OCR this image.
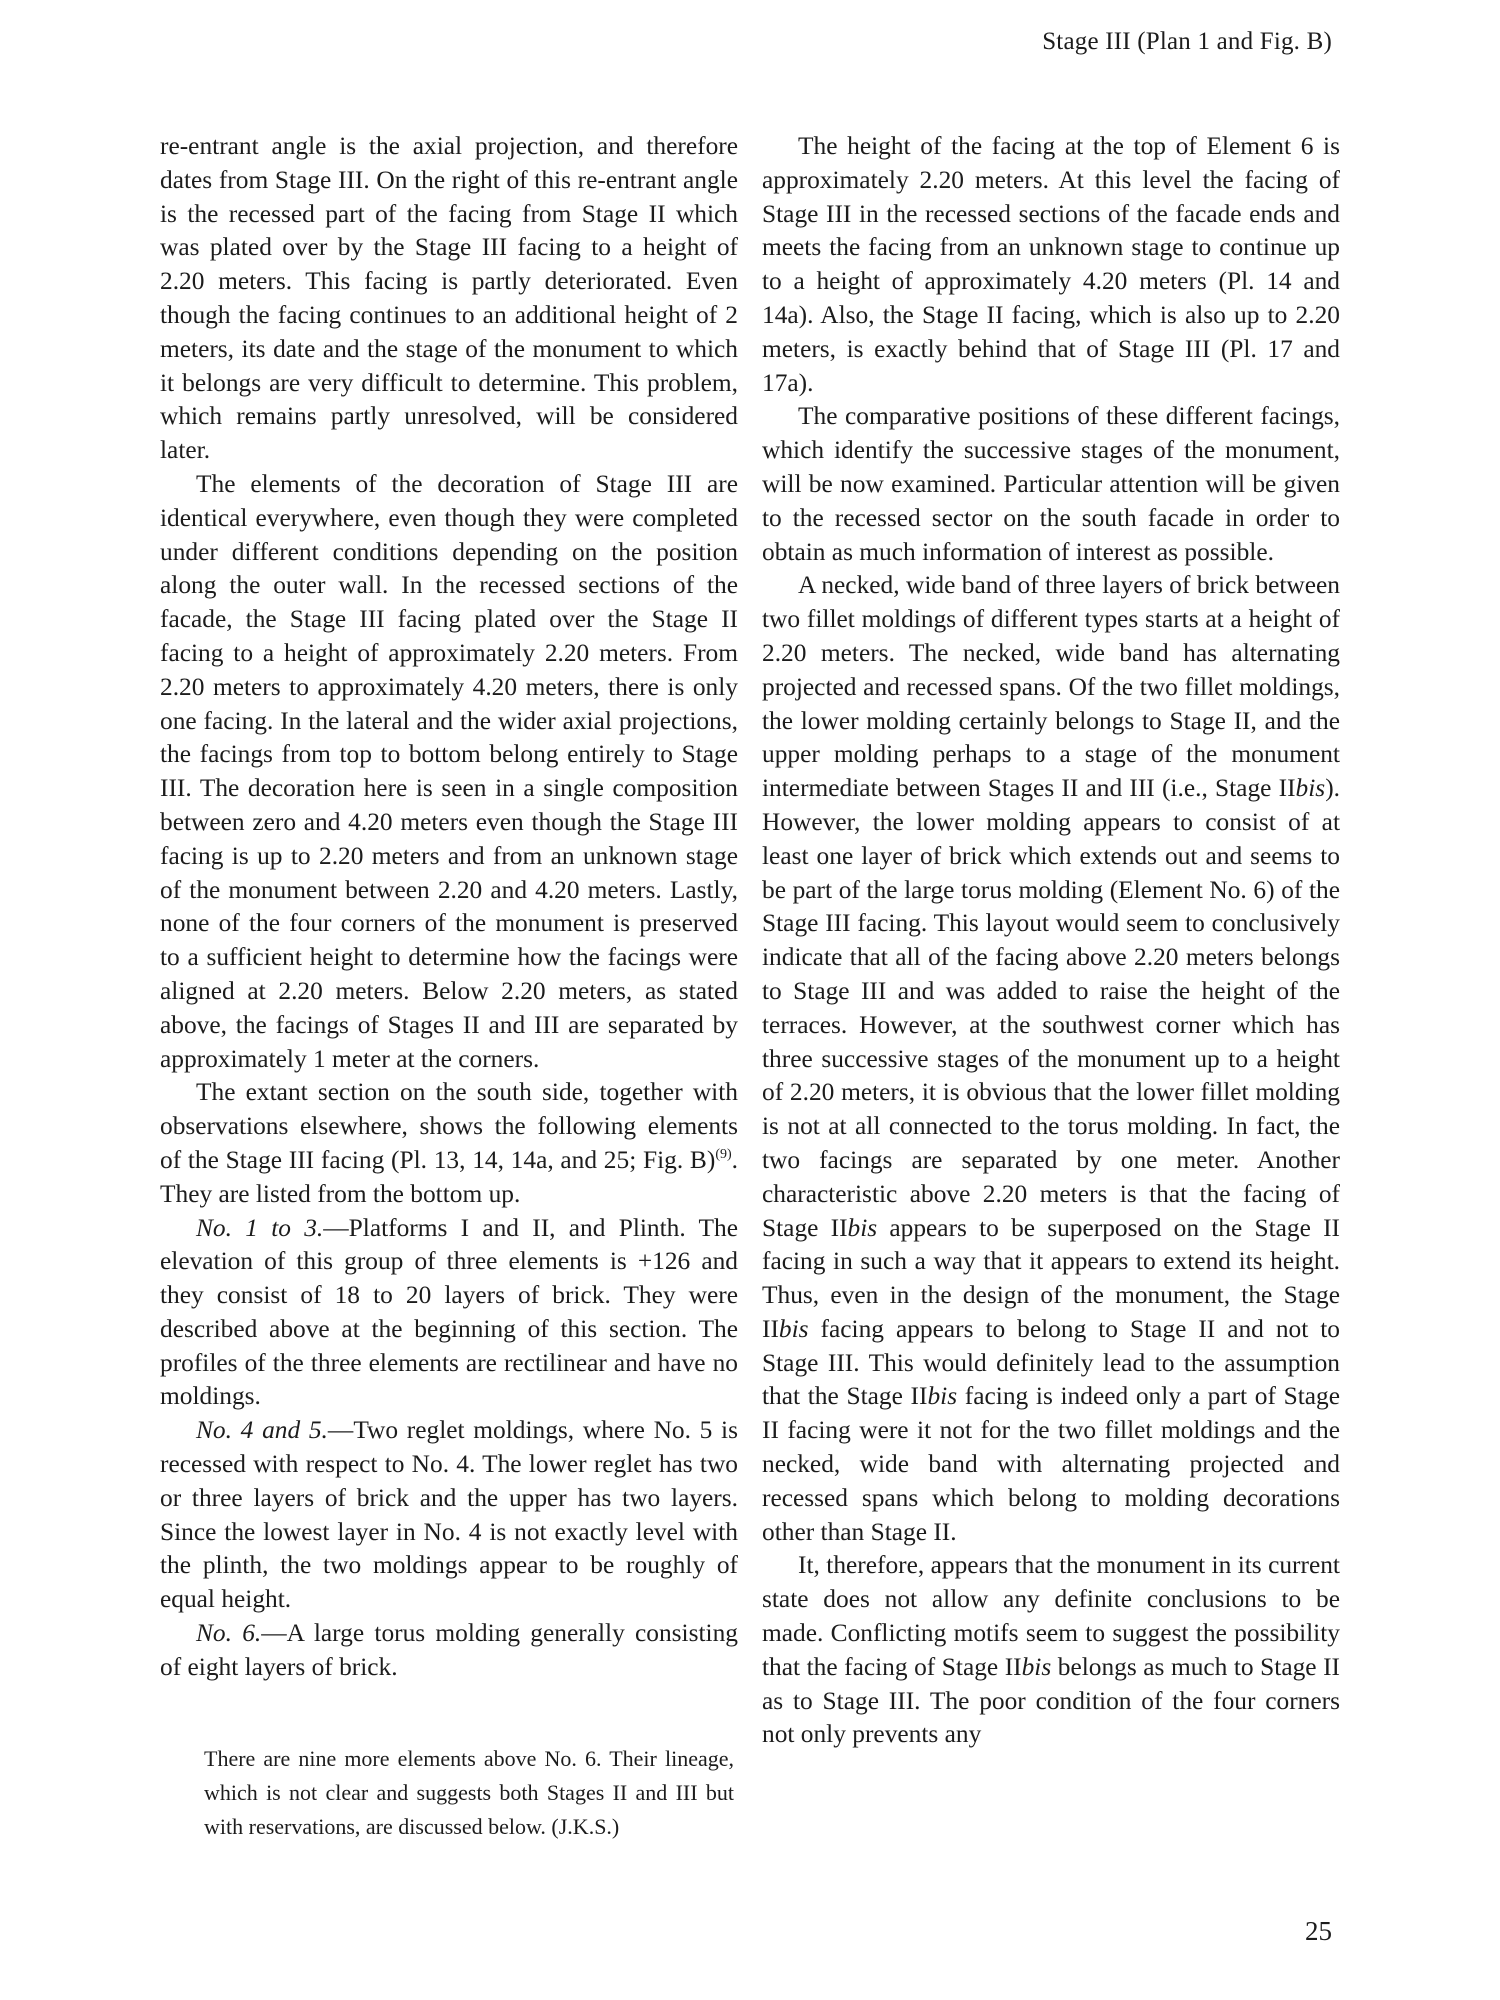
Stage III (Plan 1 and Fig. B)

re-entrant angle is the axial projection, and therefore dates from Stage III. On the right of this re-entrant angle is the recessed part of the facing from Stage II which was plated over by the Stage III facing to a height of 2.20 meters. This facing is partly deteriorated. Even though the facing continues to an additional height of 2 meters, its date and the stage of the monument to which it belongs are very difficult to determine. This problem, which remains partly unresolved, will be considered later.

The elements of the decoration of Stage III are identical everywhere, even though they were completed under different conditions depending on the position along the outer wall. In the recessed sections of the facade, the Stage III facing plated over the Stage II facing to a height of approximately 2.20 meters. From 2.20 meters to approximately 4.20 meters, there is only one facing. In the lateral and the wider axial projections, the facings from top to bottom belong entirely to Stage III. The decoration here is seen in a single composition between zero and 4.20 meters even though the Stage III facing is up to 2.20 meters and from an unknown stage of the monument between 2.20 and 4.20 meters. Lastly, none of the four corners of the monument is preserved to a sufficient height to determine how the facings were aligned at 2.20 meters. Below 2.20 meters, as stated above, the facings of Stages II and III are separated by approximately 1 meter at the corners.

The extant section on the south side, together with observations elsewhere, shows the following elements of the Stage III facing (Pl. 13, 14, 14a, and 25; Fig. B)$^{(9)}$. They are listed from the bottom up.

No. 1 to 3.—Platforms I and II, and Plinth. The elevation of this group of three elements is +126 and they consist of 18 to 20 layers of brick. They were described above at the beginning of this section. The profiles of the three elements are rectilinear and have no moldings.

No. 4 and 5.—Two reglet moldings, where No. 5 is recessed with respect to No. 4. The lower reglet has two or three layers of brick and the upper has two layers. Since the lowest layer in No. 4 is not exactly level with the plinth, the two moldings appear to be roughly of equal height.

No. 6.—A large torus molding generally consisting of eight layers of brick.

There are nine more elements above No. 6. Their lineage, which is not clear and suggests both Stages II and III but with reservations, are discussed below. (J.K.S.)

The height of the facing at the top of Element 6 is approximately 2.20 meters. At this level the facing of Stage III in the recessed sections of the facade ends and meets the facing from an unknown stage to continue up to a height of approximately 4.20 meters (Pl. 14 and 14a). Also, the Stage II facing, which is also up to 2.20 meters, is exactly behind that of Stage III (Pl. 17 and 17a).

The comparative positions of these different facings, which identify the successive stages of the monument, will be now examined. Particular attention will be given to the recessed sector on the south facade in order to obtain as much information of interest as possible.

A necked, wide band of three layers of brick between two fillet moldings of different types starts at a height of 2.20 meters. The necked, wide band has alternating projected and recessed spans. Of the two fillet moldings, the lower molding certainly belongs to Stage II, and the upper molding perhaps to a stage of the monument intermediate between Stages II and III (i.e., Stage IIbis). However, the lower molding appears to consist of at least one layer of brick which extends out and seems to be part of the large torus molding (Element No. 6) of the Stage III facing. This layout would seem to conclusively indicate that all of the facing above 2.20 meters belongs to Stage III and was added to raise the height of the terraces. However, at the southwest corner which has three successive stages of the monument up to a height of 2.20 meters, it is obvious that the lower fillet molding is not at all connected to the torus molding. In fact, the two facings are separated by one meter. Another characteristic above 2.20 meters is that the facing of Stage IIbis appears to be superposed on the Stage II facing in such a way that it appears to extend its height. Thus, even in the design of the monument, the Stage IIbis facing appears to belong to Stage II and not to Stage III. This would definitely lead to the assumption that the Stage IIbis facing is indeed only a part of Stage II facing were it not for the two fillet moldings and the necked, wide band with alternating projected and recessed spans which belong to molding decorations other than Stage II.

It, therefore, appears that the monument in its current state does not allow any definite conclusions to be made. Conflicting motifs seem to suggest the possibility that the facing of Stage IIbis belongs as much to Stage II as to Stage III. The poor condition of the four corners not only prevents any

25
